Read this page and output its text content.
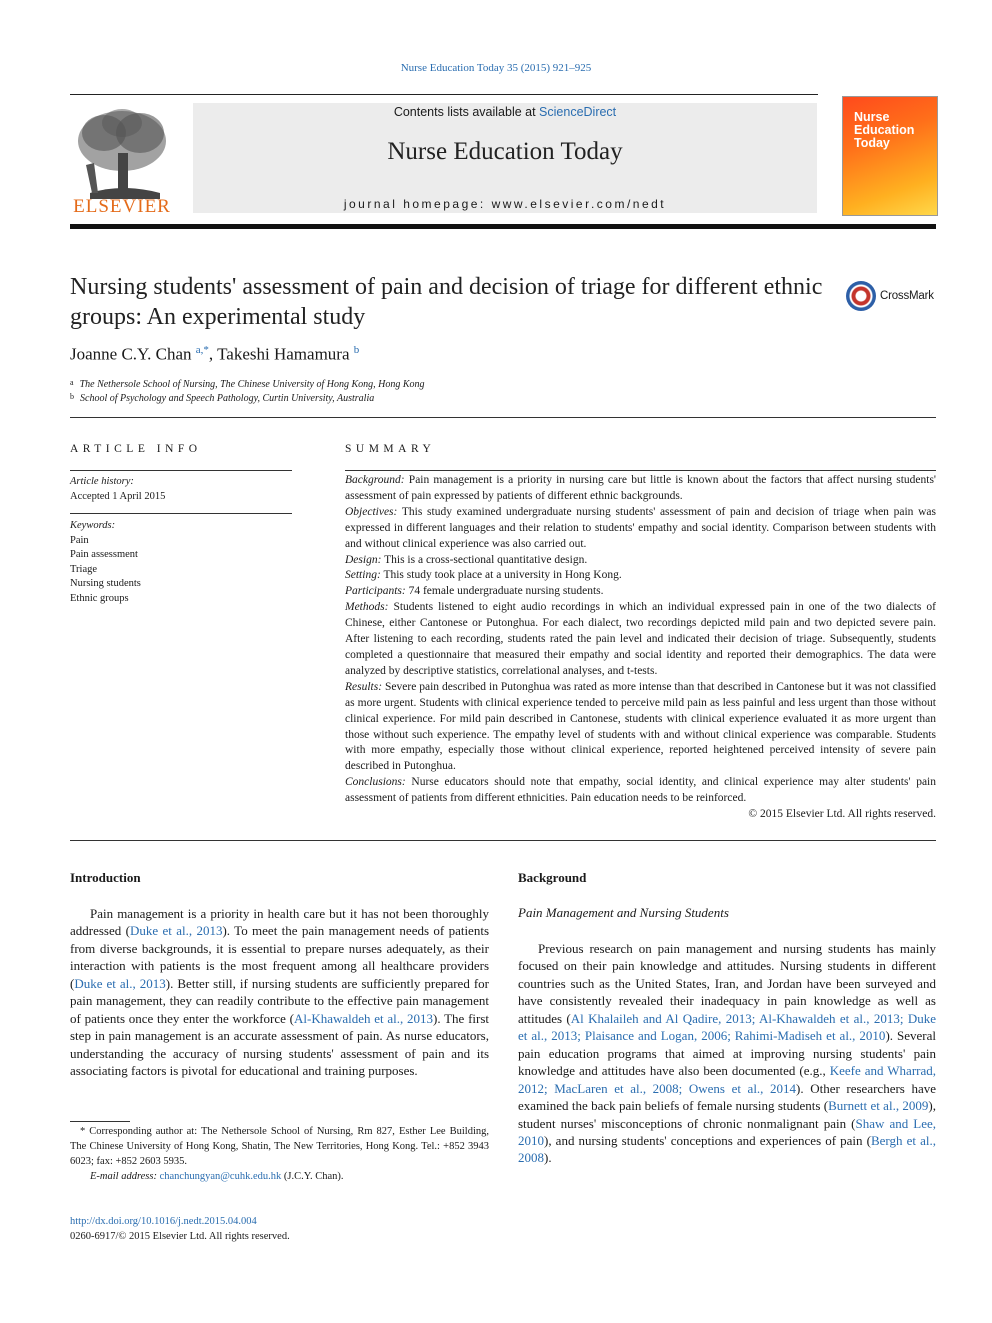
Nurse Education Today 35 (2015) 921–925
ELSEVIER
Contents lists available at ScienceDirect
Nurse Education Today
journal homepage: www.elsevier.com/nedt
Nurse Education Today
Nursing students' assessment of pain and decision of triage for different ethnic groups: An experimental study
CrossMark
Joanne C.Y. Chan $^{a,*}$, Takeshi Hamamura $^b$
$^a$ The Nethersole School of Nursing, The Chinese University of Hong Kong, Hong Kong
$^b$ School of Psychology and Speech Pathology, Curtin University, Australia
ARTICLE INFO
Article history:
Accepted 1 April 2015
Keywords:
Pain
Pain assessment
Triage
Nursing students
Ethnic groups
SUMMARY

Background: Pain management is a priority in nursing care but little is known about the factors that affect nursing students' assessment of pain expressed by patients of different ethnic backgrounds.

Objectives: This study examined undergraduate nursing students' assessment of pain and decision of triage when pain was expressed in different languages and their relation to students' empathy and social identity. Comparison between students with and without clinical experience was also carried out.

Design: This is a cross-sectional quantitative design.

Setting: This study took place at a university in Hong Kong.

Participants: 74 female undergraduate nursing students.

Methods: Students listened to eight audio recordings in which an individual expressed pain in one of the two dialects of Chinese, either Cantonese or Putonghua. For each dialect, two recordings depicted mild pain and two depicted severe pain. After listening to each recording, students rated the pain level and indicated their decision of triage. Subsequently, students completed a questionnaire that measured their empathy and social identity and reported their demographics. The data were analyzed by descriptive statistics, correlational analyses, and t-tests.

Results: Severe pain described in Putonghua was rated as more intense than that described in Cantonese but it was not classified as more urgent. Students with clinical experience tended to perceive mild pain as less painful and less urgent than those without clinical experience. For mild pain described in Cantonese, students with clinical experience evaluated it as more urgent than those without such experience. The empathy level of students with and without clinical experience was comparable. Students with more empathy, especially those without clinical experience, reported heightened perceived intensity of severe pain described in Putonghua.

Conclusions: Nurse educators should note that empathy, social identity, and clinical experience may alter students' pain assessment of patients from different ethnicities. Pain education needs to be reinforced.

© 2015 Elsevier Ltd. All rights reserved.

Introduction

Pain management is a priority in health care but it has not been thoroughly addressed (Duke et al., 2013). To meet the pain management needs of patients from diverse backgrounds, it is essential to prepare nurses adequately, as their interaction with patients is the most frequent among all healthcare providers (Duke et al., 2013). Better still, if nursing students are sufficiently prepared for pain management, they can readily contribute to the effective pain management of patients once they enter the workforce (Al-Khawaldeh et al., 2013). The first step in pain management is an accurate assessment of pain. As nurse educators, understanding the accuracy of nursing students' assessment of pain and its associating factors is pivotal for educational and training purposes.

* Corresponding author at: The Nethersole School of Nursing, Rm 827, Esther Lee Building, The Chinese University of Hong Kong, Shatin, The New Territories, Hong Kong. Tel.: +852 3943 6023; fax: +852 2603 5935.
E-mail address: chanchungyan@cuhk.edu.hk (J.C.Y. Chan).
http://dx.doi.org/10.1016/j.nedt.2015.04.004
0260-6917/© 2015 Elsevier Ltd. All rights reserved.
Background
Pain Management and Nursing Students

Previous research on pain management and nursing students has mainly focused on their pain knowledge and attitudes. Nursing students in different countries such as the United States, Iran, and Jordan have been surveyed and have consistently revealed their inadequacy in pain knowledge as well as attitudes (Al Khalaileh and Al Qadire, 2013; Al-Khawaldeh et al., 2013; Duke et al., 2013; Plaisance and Logan, 2006; Rahimi-Madiseh et al., 2010). Several pain education programs that aimed at improving nursing students' pain knowledge and attitudes have also been documented (e.g., Keefe and Wharrad, 2012; MacLaren et al., 2008; Owens et al., 2014). Other researchers have examined the back pain beliefs of female nursing students (Burnett et al., 2009), student nurses' misconceptions of chronic nonmalignant pain (Shaw and Lee, 2010), and nursing students' conceptions and experiences of pain (Bergh et al., 2008).
